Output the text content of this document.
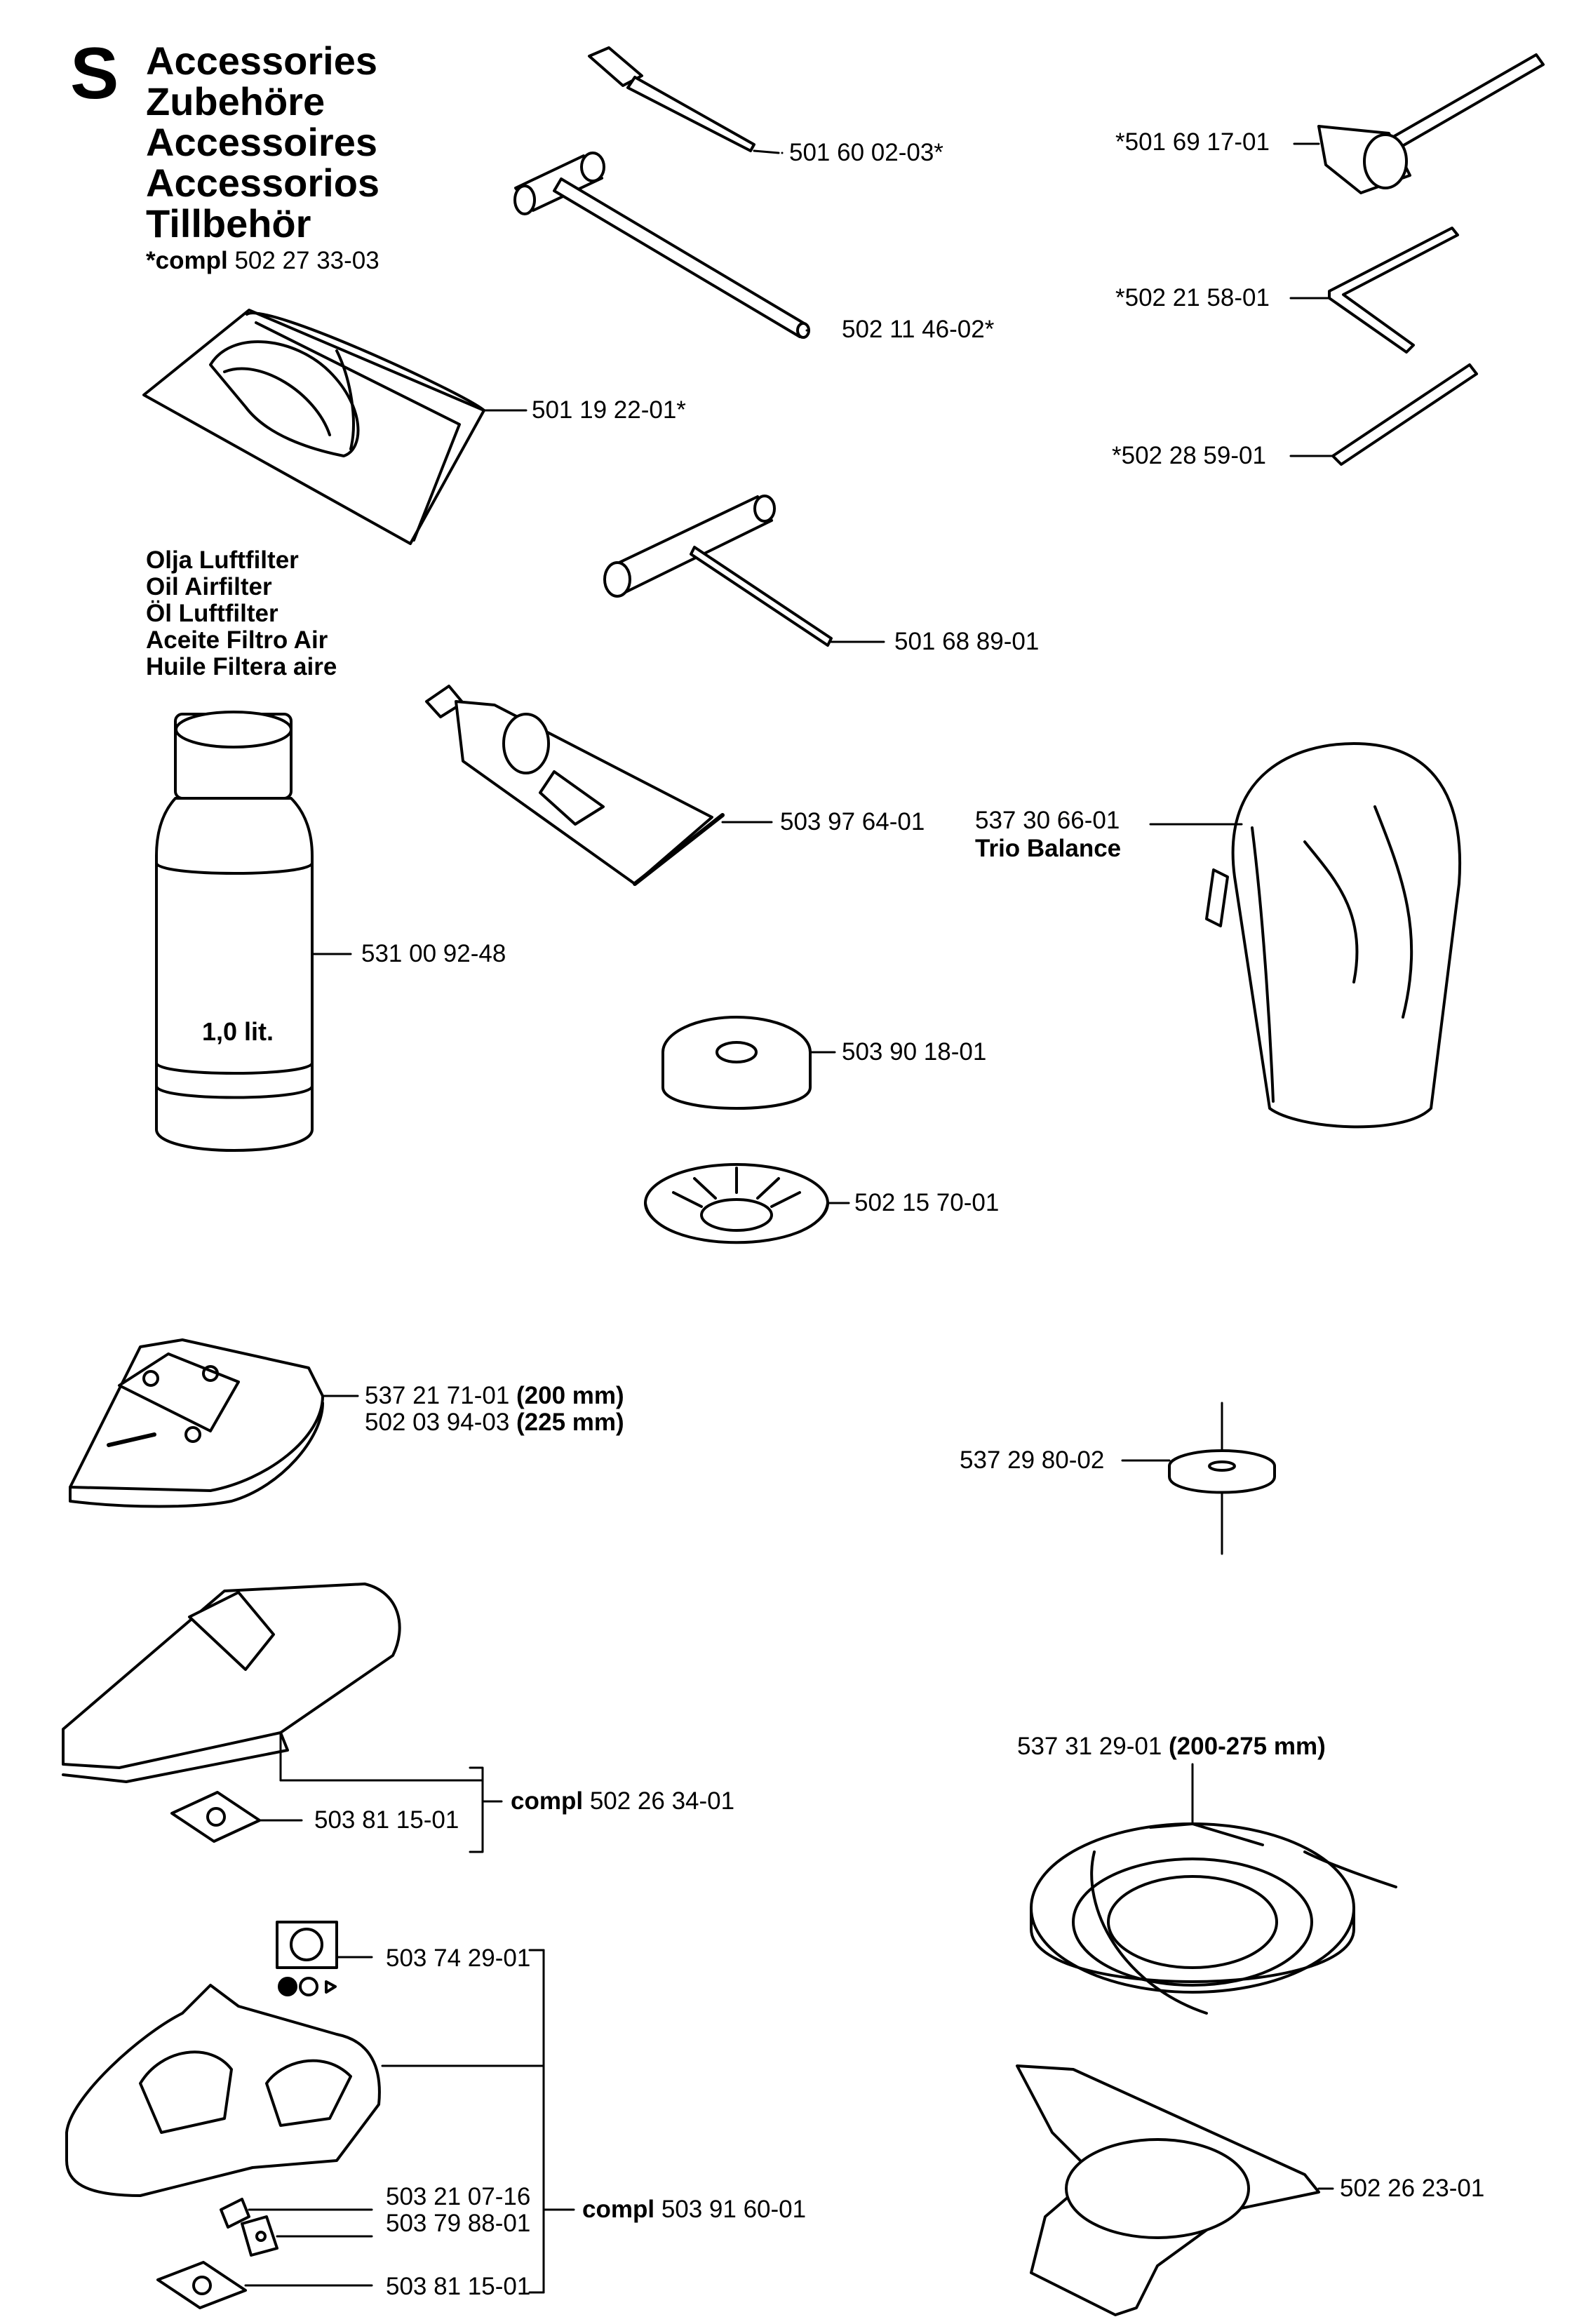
S Accessories
Zubehöre
Accessoires
Accessorios
Tillbehör
*compl 502 27 33-03
Olja Luftfilter
Oil Airfilter
Öl Luftfilter
Aceite Filtro Air
Huile Filtera aire
1,0 lit.
501 60 02-03*
502 11 46-02*
501 19 22-01*
501 68 89-01
503 97 64-01
531 00 92-48
503 90 18-01
502 15 70-01
*501 69 17-01
*502 21 58-01
*502 28 59-01
537 30 66-01
Trio Balance
537 29 80-02
537 21 71-01 (200 mm)
502 03 94-03 (225 mm)
503 81 15-01
compl 502 26 34-01
503 74 29-01
503 21 07-16
503 79 88-01
503 81 15-01
compl 503 91 60-01
537 31 29-01 (200-275 mm)
502 26 23-01
